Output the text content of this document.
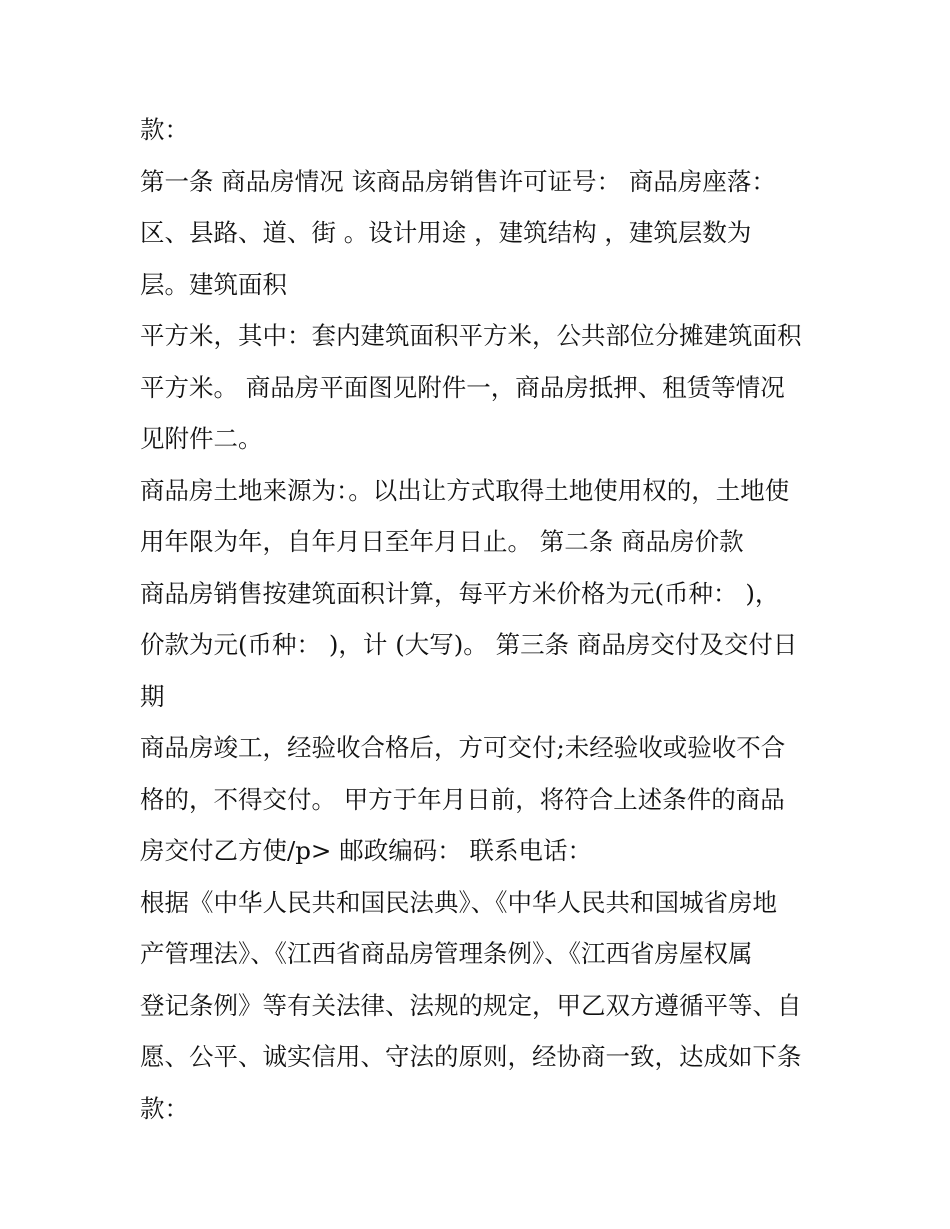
款：
第一条 商品房情况 该商品房销售许可证号： 商品房座落：
区、县路、道、街 。设计用途 ，建筑结构 ，建筑层数为
层。建筑面积
平方米，其中：套内建筑面积平方米，公共部位分摊建筑面积
平方米。 商品房平面图见附件一，商品房抵押、租赁等情况
见附件二。
商品房土地来源为：。以出让方式取得土地使用权的，土地使
用年限为年，自年月日至年月日止。 第二条 商品房价款
商品房销售按建筑面积计算，每平方米价格为元(币种： )，
价款为元(币种： )，计 (大写)。 第三条 商品房交付及交付日
期
商品房竣工，经验收合格后，方可交付;未经验收或验收不合
格的，不得交付。 甲方于年月日前，将符合上述条件的商品
房交付乙方使/p> 邮政编码： 联系电话：
根据《中华人民共和国民法典》、《中华人民共和国城省房地
产管理法》、《江西省商品房管理条例》、《江西省房屋权属
登记条例》等有关法律、法规的规定，甲乙双方遵循平等、自
愿、公平、诚实信用、守法的原则，经协商一致，达成如下条
款：
